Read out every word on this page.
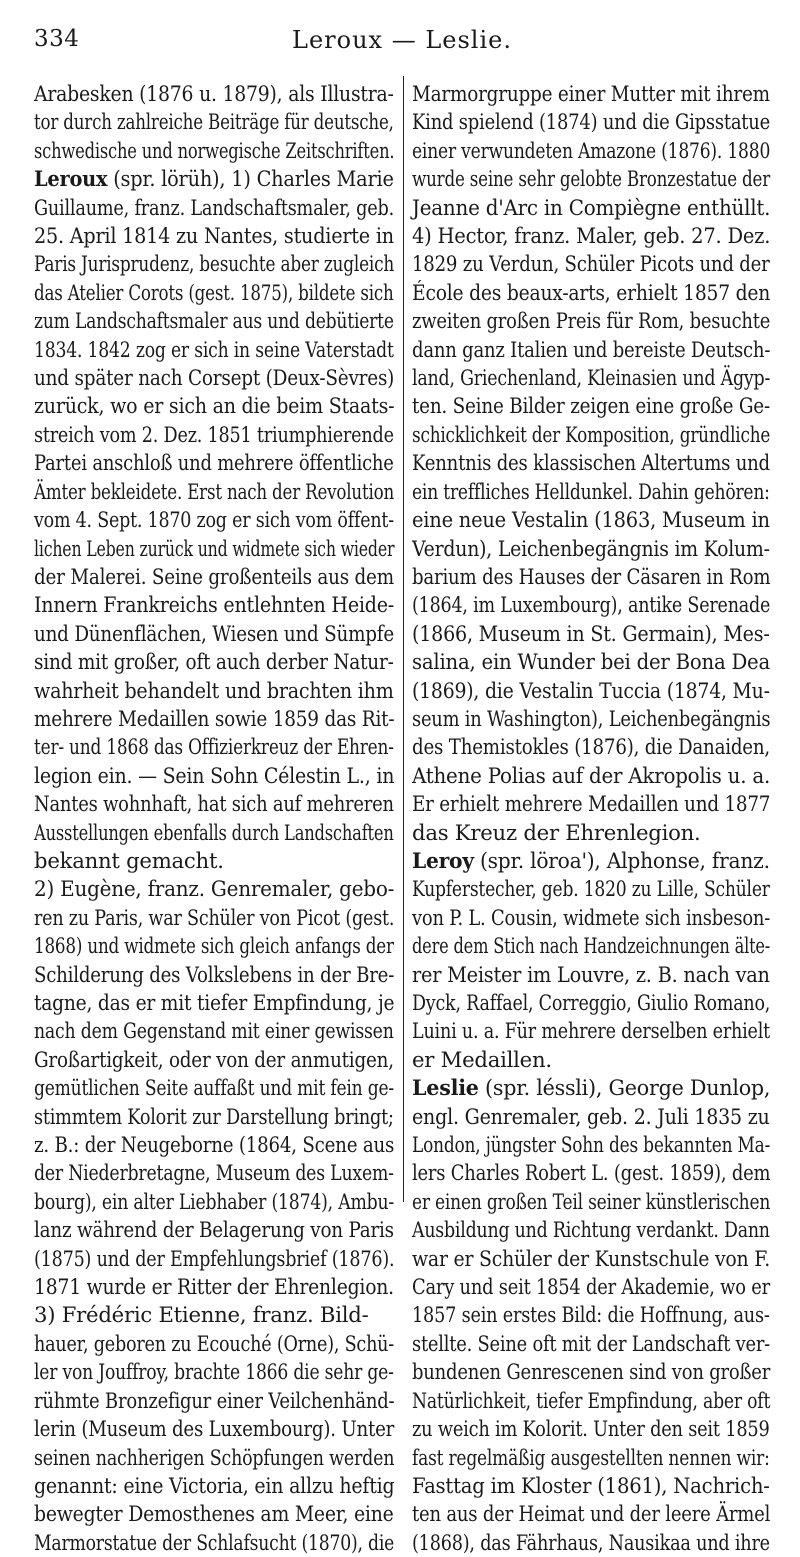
334	Leroux — Leslie.
Arabesken (1876 u. 1879), als Illustra-
tor durch zahlreiche Beiträge für deutsche,
schwedische und norwegische Zeitschriften.
Leroux (spr. lörüh), 1) Charles Marie
Guillaume, franz. Landschaftsmaler, geb.
25. April 1814 zu Nantes, studierte in
Paris Jurisprudenz, besuchte aber zugleich
das Atelier Corots (gest. 1875), bildete sich
zum Landschaftsmaler aus und debütierte
1834. 1842 zog er sich in seine Vaterstadt
und später nach Corsept (Deux-Sèvres)
zurück, wo er sich an die beim Staats-
streich vom 2. Dez. 1851 triumphierende
Partei anschloß und mehrere öffentliche
Ämter bekleidete. Erst nach der Revolution
vom 4. Sept. 1870 zog er sich vom öffent-
lichen Leben zurück und widmete sich wieder
der Malerei. Seine großenteils aus dem
Innern Frankreichs entlehnten Heide-
und Dünenflächen, Wiesen und Sümpfe
sind mit großer, oft auch derber Natur-
wahrheit behandelt und brachten ihm
mehrere Medaillen sowie 1859 das Rit-
ter- und 1868 das Offizierkreuz der Ehren-
legion ein. — Sein Sohn Célestin L., in
Nantes wohnhaft, hat sich auf mehreren
Ausstellungen ebenfalls durch Landschaften
bekannt gemacht.
2) Eugène, franz. Genremaler, gebo-
ren zu Paris, war Schüler von Picot (gest.
1868) und widmete sich gleich anfangs der
Schilderung des Volkslebens in der Bre-
tagne, das er mit tiefer Empfindung, je
nach dem Gegenstand mit einer gewissen
Großartigkeit, oder von der anmutigen,
gemütlichen Seite auffaßt und mit fein ge-
stimmtem Kolorit zur Darstellung bringt;
z. B.: der Neugeborne (1864, Scene aus
der Niederbretagne, Museum des Luxem-
bourg), ein alter Liebhaber (1874), Ambu-
lanz während der Belagerung von Paris
(1875) und der Empfehlungsbrief (1876).
1871 wurde er Ritter der Ehrenlegion.
3) Frédéric Etienne, franz. Bild-
hauer, geboren zu Ecouché (Orne), Schü-
ler von Jouffroy, brachte 1866 die sehr ge-
rühmte Bronzefigur einer Veilchenhänd-
lerin (Museum des Luxembourg). Unter
seinen nachherigen Schöpfungen werden
genannt: eine Victoria, ein allzu heftig
bewegter Demosthenes am Meer, eine
Marmorstatue der Schlafsucht (1870), die
Marmorgruppe einer Mutter mit ihrem
Kind spielend (1874) und die Gipsstatue
einer verwundeten Amazone (1876). 1880
wurde seine sehr gelobte Bronzestatue der
Jeanne d'Arc in Compiègne enthüllt.
4) Hector, franz. Maler, geb. 27. Dez.
1829 zu Verdun, Schüler Picots und der
École des beaux-arts, erhielt 1857 den
zweiten großen Preis für Rom, besuchte
dann ganz Italien und bereiste Deutsch-
land, Griechenland, Kleinasien und Ägyp-
ten. Seine Bilder zeigen eine große Ge-
schicklichkeit der Komposition, gründliche
Kenntnis des klassischen Altertums und
ein treffliches Helldunkel. Dahin gehören:
eine neue Vestalin (1863, Museum in
Verdun), Leichenbegängnis im Kolum-
barium des Hauses der Cäsaren in Rom
(1864, im Luxembourg), antike Serenade
(1866, Museum in St. Germain), Mes-
salina, ein Wunder bei der Bona Dea
(1869), die Vestalin Tuccia (1874, Mu-
seum in Washington), Leichenbegängnis
des Themistokles (1876), die Danaiden,
Athene Polias auf der Akropolis u. a.
Er erhielt mehrere Medaillen und 1877
das Kreuz der Ehrenlegion.
Leroy (spr. löroa'), Alphonse, franz.
Kupferstecher, geb. 1820 zu Lille, Schüler
von P. L. Cousin, widmete sich insbeson-
dere dem Stich nach Handzeichnungen älte-
rer Meister im Louvre, z. B. nach van
Dyck, Raffael, Correggio, Giulio Romano,
Luini u. a. Für mehrere derselben erhielt
er Medaillen.
Leslie (spr. léssli), George Dunlop,
engl. Genremaler, geb. 2. Juli 1835 zu
London, jüngster Sohn des bekannten Ma-
lers Charles Robert L. (gest. 1859), dem
er einen großen Teil seiner künstlerischen
Ausbildung und Richtung verdankt. Dann
war er Schüler der Kunstschule von F.
Cary und seit 1854 der Akademie, wo er
1857 sein erstes Bild: die Hoffnung, aus-
stellte. Seine oft mit der Landschaft ver-
bundenen Genrescenen sind von großer
Natürlichkeit, tiefer Empfindung, aber oft
zu weich im Kolorit. Unter den seit 1859
fast regelmäßig ausgestellten nennen wir:
Fasttag im Kloster (1861), Nachrich-
ten aus der Heimat und der leere Ärmel
(1868), das Fährhaus, Nausikaa und ihre
